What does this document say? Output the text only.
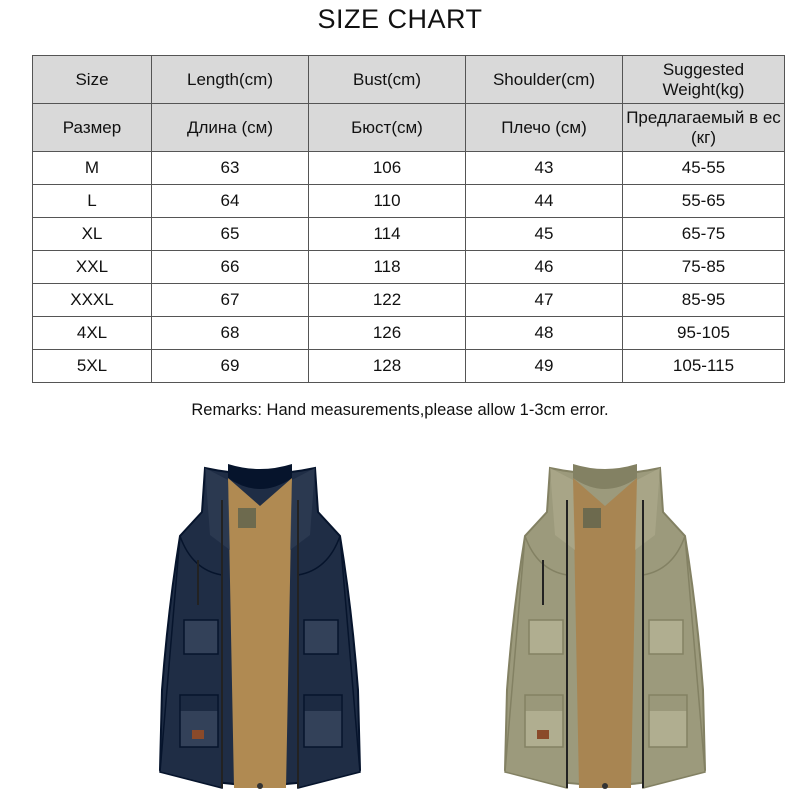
SIZE CHART
Size	Length(cm)	Bust(cm)	Shoulder(cm)	Suggested Weight(kg)
Размер	Длина (см)	Бюст(см)	Плечо (см)	Предлагаемый в ес (кг)
M	63	106	43	45-55
L	64	110	44	55-65
XL	65	114	45	65-75
XXL	66	118	46	75-85
XXXL	67	122	47	85-95
4XL	68	126	48	95-105
5XL	69	128	49	105-115
Remarks: Hand measurements,please allow 1-3cm error.
